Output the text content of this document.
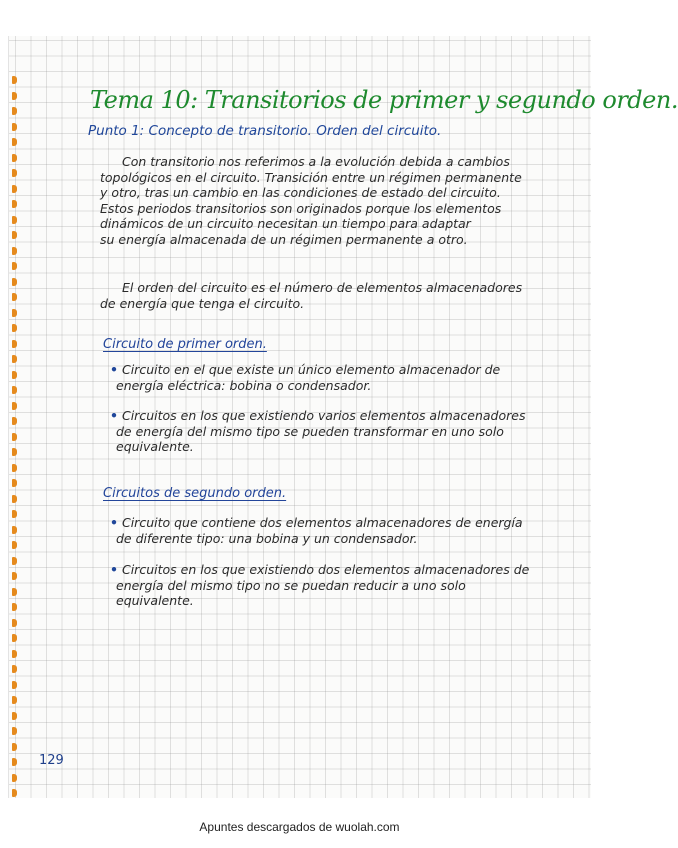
Tema 10: Transitorios de primer y segundo orden.
Punto 1: Concepto de transitorio. Orden del circuito.
Con transitorio nos referimos a la evolución debida a cambios
topológicos en el circuito. Transición entre un régimen permanente
y otro, tras un cambio en las condiciones de estado del circuito.
Estos periodos transitorios son originados porque los elementos
dinámicos de un circuito necesitan un tiempo para adaptar
su energía almacenada de un régimen permanente a otro.
El orden del circuito es el número de elementos almacenadores
de energía que tenga el circuito.
Circuito de primer orden.
• Circuito en el que existe un único elemento almacenador de
energía eléctrica: bobina o condensador.
• Circuitos en los que existiendo varios elementos almacenadores
de energía del mismo tipo se pueden transformar en uno solo
equivalente.
Circuitos de segundo orden.
• Circuito que contiene dos elementos almacenadores de energía
de diferente tipo: una bobina y un condensador.
• Circuitos en los que existiendo dos elementos almacenadores de
energía del mismo tipo no se puedan reducir a uno solo
equivalente.
129
Apuntes descargados de wuolah.com
